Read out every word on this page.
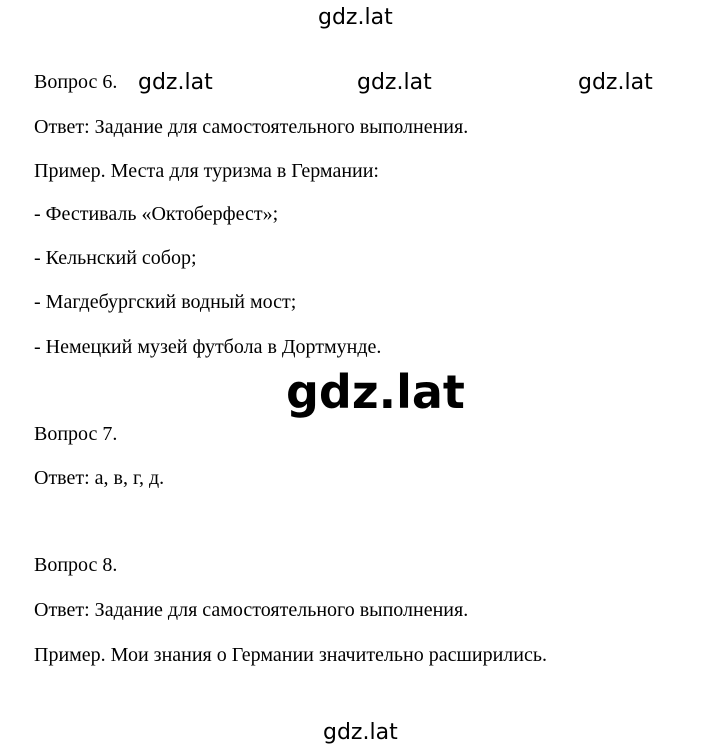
gdz.lat
gdz.lat	gdz.lat	gdz.lat
gdz.lat
gdz.lat
Вопрос 6.
Ответ: Задание для самостоятельного выполнения.
Пример. Места для туризма в Германии:
- Фестиваль «Октоберфест»;
- Кельнский собор;
- Магдебургский водный мост;
- Немецкий музей футбола в Дортмунде.
Вопрос 7.
Ответ: а, в, г, д.
Вопрос 8.
Ответ: Задание для самостоятельного выполнения.
Пример. Мои знания о Германии значительно расширились.
